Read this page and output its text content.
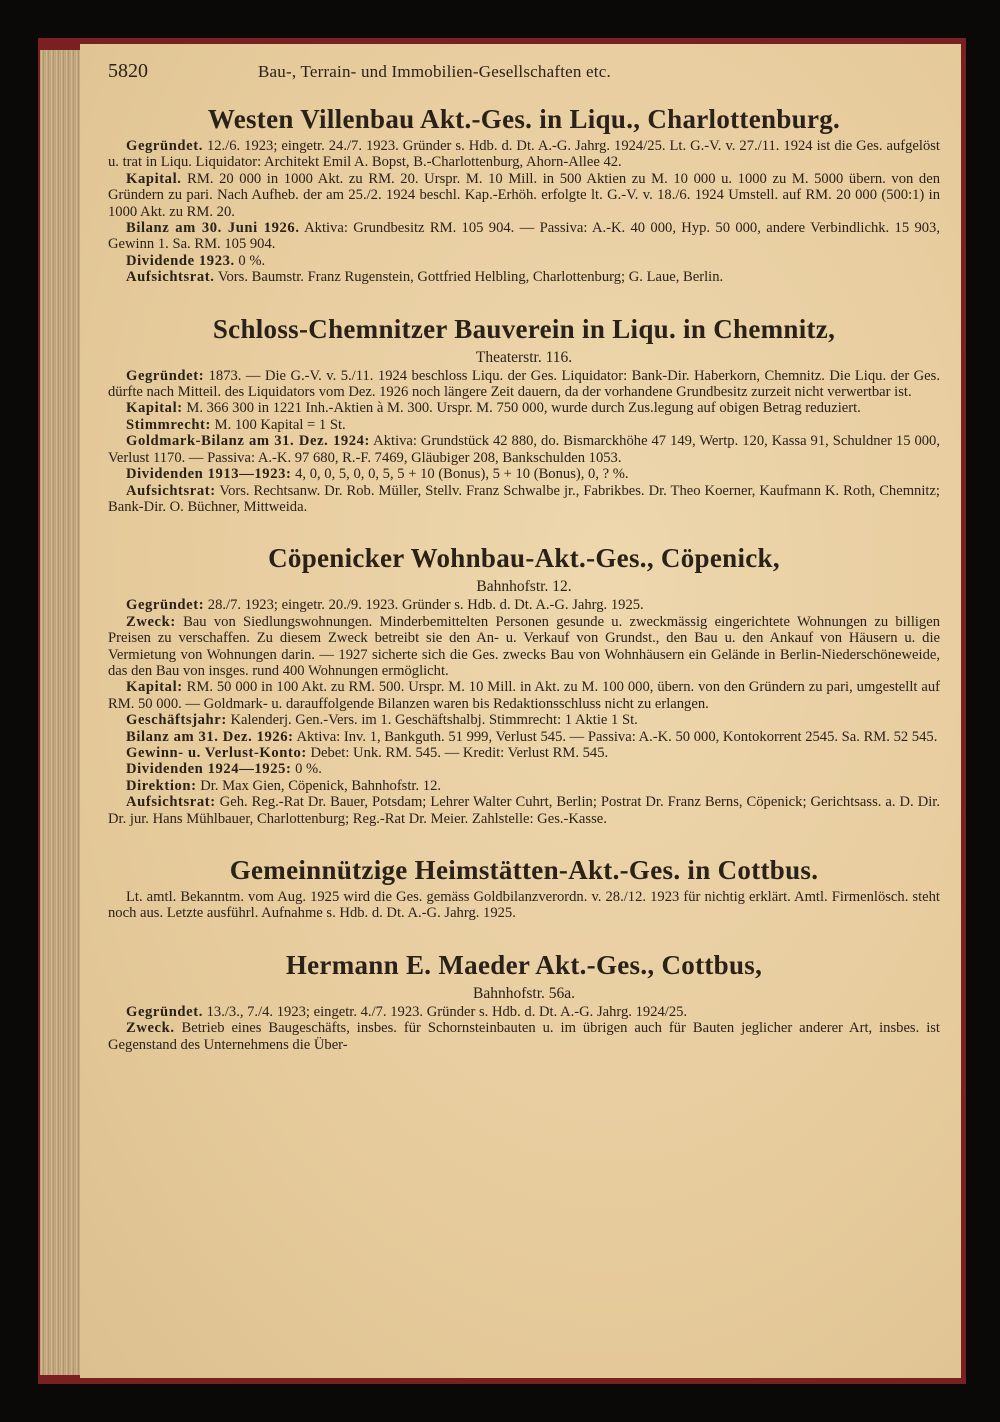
5820	Bau-, Terrain- und Immobilien-Gesellschaften etc.
Westen Villenbau Akt.-Ges. in Liqu., Charlottenburg.

Gegründet. 12./6. 1923; eingetr. 24./7. 1923. Gründer s. Hdb. d. Dt. A.-G. Jahrg. 1924/25. Lt. G.-V. v. 27./11. 1924 ist die Ges. aufgelöst u. trat in Liqu. Liquidator: Architekt Emil A. Bopst, B.-Charlottenburg, Ahorn-Allee 42.

Kapital. RM. 20 000 in 1000 Akt. zu RM. 20. Urspr. M. 10 Mill. in 500 Aktien zu M. 10 000 u. 1000 zu M. 5000 übern. von den Gründern zu pari. Nach Aufheb. der am 25./2. 1924 beschl. Kap.-Erhöh. erfolgte lt. G.-V. v. 18./6. 1924 Umstell. auf RM. 20 000 (500:1) in 1000 Akt. zu RM. 20.

Bilanz am 30. Juni 1926. Aktiva: Grundbesitz RM. 105 904. — Passiva: A.-K. 40 000, Hyp. 50 000, andere Verbindlichk. 15 903, Gewinn 1. Sa. RM. 105 904.

Dividende 1923. 0 %.

Aufsichtsrat. Vors. Baumstr. Franz Rugenstein, Gottfried Helbling, Charlottenburg; G. Laue, Berlin.

Schloss-Chemnitzer Bauverein in Liqu. in Chemnitz,
Theaterstr. 116.

Gegründet: 1873. — Die G.-V. v. 5./11. 1924 beschloss Liqu. der Ges. Liquidator: Bank-Dir. Haberkorn, Chemnitz. Die Liqu. der Ges. dürfte nach Mitteil. des Liquidators vom Dez. 1926 noch längere Zeit dauern, da der vorhandene Grundbesitz zurzeit nicht verwertbar ist.

Kapital: M. 366 300 in 1221 Inh.-Aktien à M. 300. Urspr. M. 750 000, wurde durch Zus.legung auf obigen Betrag reduziert.

Stimmrecht: M. 100 Kapital = 1 St.

Goldmark-Bilanz am 31. Dez. 1924: Aktiva: Grundstück 42 880, do. Bismarckhöhe 47 149, Wertp. 120, Kassa 91, Schuldner 15 000, Verlust 1170. — Passiva: A.-K. 97 680, R.-F. 7469, Gläubiger 208, Bankschulden 1053.

Dividenden 1913—1923: 4, 0, 0, 5, 0, 0, 5, 5 + 10 (Bonus), 5 + 10 (Bonus), 0, ? %.

Aufsichtsrat: Vors. Rechtsanw. Dr. Rob. Müller, Stellv. Franz Schwalbe jr., Fabrikbes. Dr. Theo Koerner, Kaufmann K. Roth, Chemnitz; Bank-Dir. O. Büchner, Mittweida.

Cöpenicker Wohnbau-Akt.-Ges., Cöpenick,
Bahnhofstr. 12.

Gegründet: 28./7. 1923; eingetr. 20./9. 1923. Gründer s. Hdb. d. Dt. A.-G. Jahrg. 1925.

Zweck: Bau von Siedlungswohnungen. Minderbemittelten Personen gesunde u. zweckmässig eingerichtete Wohnungen zu billigen Preisen zu verschaffen. Zu diesem Zweck betreibt sie den An- u. Verkauf von Grundst., den Bau u. den Ankauf von Häusern u. die Vermietung von Wohnungen darin. — 1927 sicherte sich die Ges. zwecks Bau von Wohnhäusern ein Gelände in Berlin-Niederschöneweide, das den Bau von insges. rund 400 Wohnungen ermöglicht.

Kapital: RM. 50 000 in 100 Akt. zu RM. 500. Urspr. M. 10 Mill. in Akt. zu M. 100 000, übern. von den Gründern zu pari, umgestellt auf RM. 50 000. — Goldmark- u. darauffolgende Bilanzen waren bis Redaktionsschluss nicht zu erlangen.

Geschäftsjahr: Kalenderj. Gen.-Vers. im 1. Geschäftshalbj. Stimmrecht: 1 Aktie 1 St.

Bilanz am 31. Dez. 1926: Aktiva: Inv. 1, Bankguth. 51 999, Verlust 545. — Passiva: A.-K. 50 000, Kontokorrent 2545. Sa. RM. 52 545.

Gewinn- u. Verlust-Konto: Debet: Unk. RM. 545. — Kredit: Verlust RM. 545.

Dividenden 1924—1925: 0 %.

Direktion: Dr. Max Gien, Cöpenick, Bahnhofstr. 12.

Aufsichtsrat: Geh. Reg.-Rat Dr. Bauer, Potsdam; Lehrer Walter Cuhrt, Berlin; Postrat Dr. Franz Berns, Cöpenick; Gerichtsass. a. D. Dir. Dr. jur. Hans Mühlbauer, Charlottenburg; Reg.-Rat Dr. Meier. Zahlstelle: Ges.-Kasse.

Gemeinnützige Heimstätten-Akt.-Ges. in Cottbus.

Lt. amtl. Bekanntm. vom Aug. 1925 wird die Ges. gemäss Goldbilanzverordn. v. 28./12. 1923 für nichtig erklärt. Amtl. Firmenlösch. steht noch aus. Letzte ausführl. Aufnahme s. Hdb. d. Dt. A.-G. Jahrg. 1925.

Hermann E. Maeder Akt.-Ges., Cottbus,
Bahnhofstr. 56a.

Gegründet. 13./3., 7./4. 1923; eingetr. 4./7. 1923. Gründer s. Hdb. d. Dt. A.-G. Jahrg. 1924/25.

Zweck. Betrieb eines Baugeschäfts, insbes. für Schornsteinbauten u. im übrigen auch für Bauten jeglicher anderer Art, insbes. ist Gegenstand des Unternehmens die Über-
